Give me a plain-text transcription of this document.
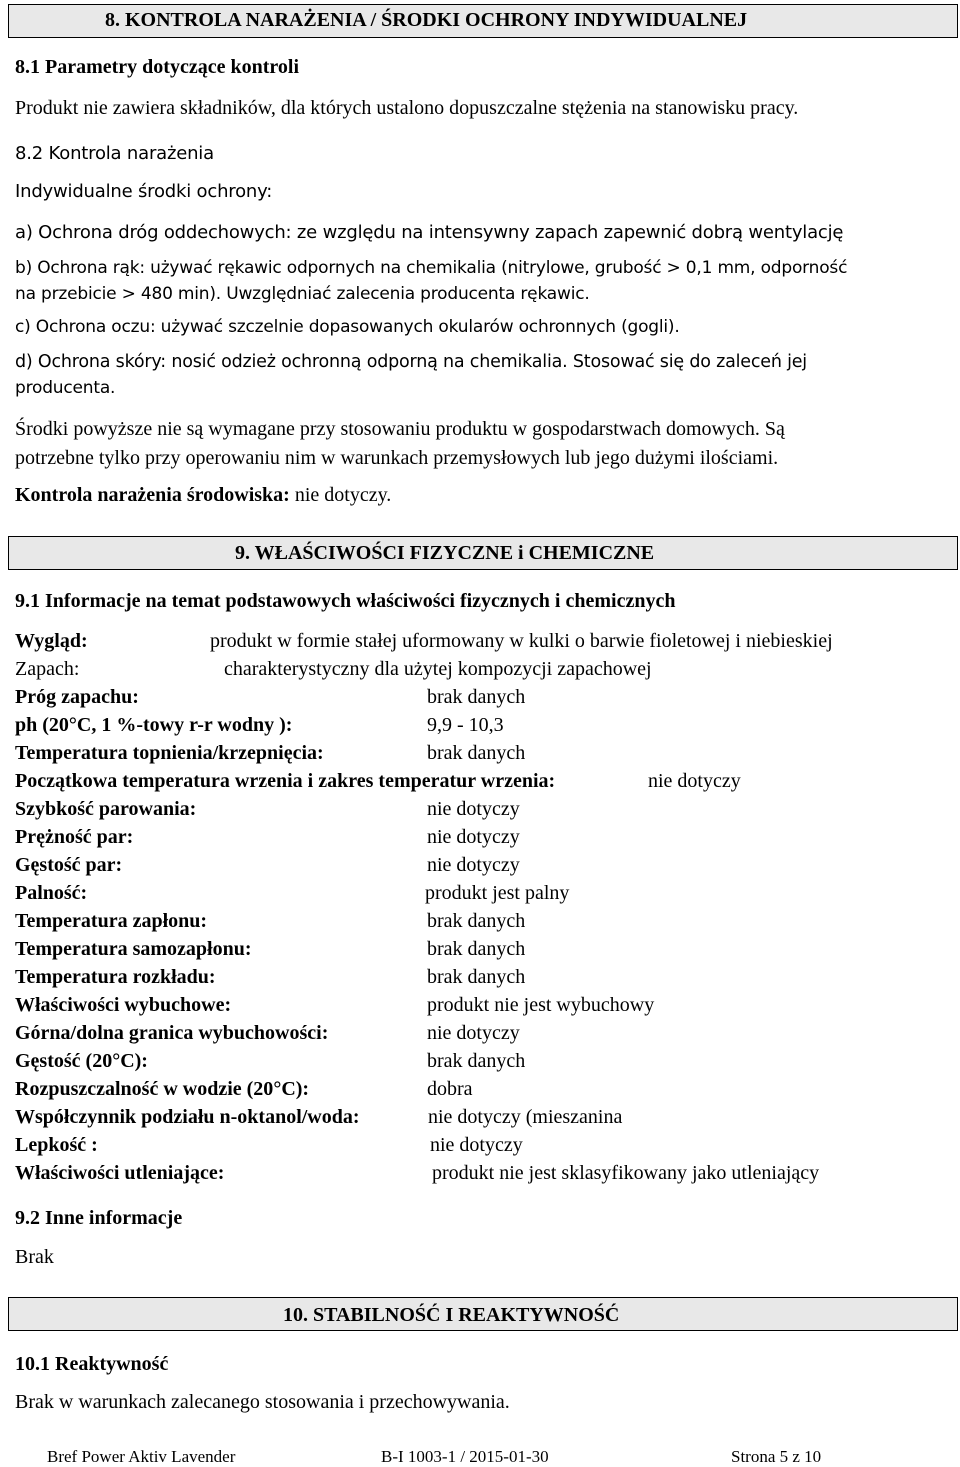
8. KONTROLA NARAŻENIA / ŚRODKI OCHRONY INDYWIDUALNEJ
8.1 Parametry dotyczące kontroli
Produkt nie zawiera składników, dla których ustalono dopuszczalne stężenia na stanowisku pracy.
8.2 Kontrola narażenia
Indywidualne środki ochrony:
a) Ochrona dróg oddechowych: ze względu na intensywny zapach zapewnić dobrą wentylację
b) Ochrona rąk: używać rękawic odpornych na chemikalia (nitrylowe, grubość > 0,1 mm, odporność
na przebicie > 480 min). Uwzględniać zalecenia producenta rękawic.
c) Ochrona oczu: używać szczelnie dopasowanych okularów ochronnych (gogli).
d) Ochrona skóry: nosić odzież ochronną odporną na chemikalia. Stosować się do zaleceń jej
producenta.
Środki powyższe nie są wymagane przy stosowaniu produktu w gospodarstwach domowych. Są
potrzebne tylko przy operowaniu nim w warunkach przemysłowych lub jego dużymi ilościami.
Kontrola narażenia środowiska: nie dotyczy.
9. WŁAŚCIWOŚCI FIZYCZNE i CHEMICZNE
9.1 Informacje na temat podstawowych właściwości fizycznych i chemicznych
Wygląd:	produkt w formie stałej uformowany w kulki o barwie fioletowej i niebieskiej
Zapach:	charakterystyczny dla użytej kompozycji zapachowej
Próg zapachu:	brak danych
ph (20°C, 1 %-towy r-r wodny ):	9,9 - 10,3
Temperatura topnienia/krzepnięcia:	brak danych
Początkowa temperatura wrzenia i zakres temperatur wrzenia:	nie dotyczy
Szybkość parowania:	nie dotyczy
Prężność par:	nie dotyczy
Gęstość par:	nie dotyczy
Palność:	produkt jest palny
Temperatura zapłonu:	brak danych
Temperatura samozapłonu:	brak danych
Temperatura rozkładu:	brak danych
Właściwości wybuchowe:	produkt nie jest wybuchowy
Górna/dolna granica wybuchowości:	nie dotyczy
Gęstość (20°C):	brak danych
Rozpuszczalność w wodzie (20°C):	dobra
Współczynnik podziału n-oktanol/woda:	nie dotyczy (mieszanina
Lepkość :	nie dotyczy
Właściwości utleniające:	produkt nie jest sklasyfikowany jako utleniający
9.2 Inne informacje
Brak
10. STABILNOŚĆ I REAKTYWNOŚĆ
10.1 Reaktywność
Brak w warunkach zalecanego stosowania i przechowywania.
Bref Power Aktiv Lavender	B-I 1003-1 / 2015-01-30	Strona 5 z 10
